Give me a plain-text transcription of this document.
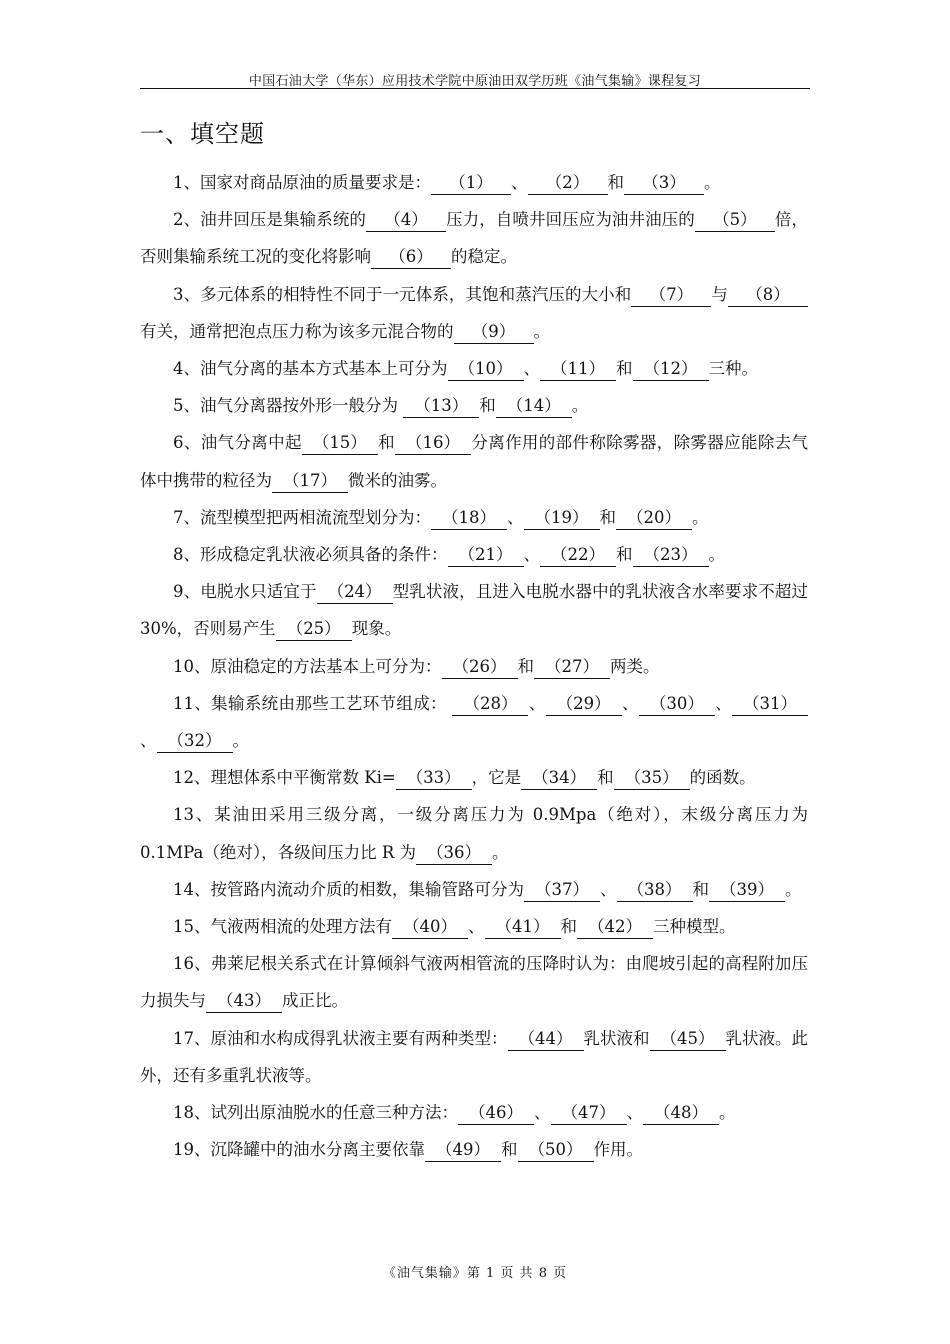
中国石油大学（华东）应用技术学院中原油田双学历班《油气集输》课程复习
一、填空题

1、国家对商品原油的质量要求是： （1） 、 （2） 和 （3） 。

2、油井回压是集输系统的 （4） 压力，自喷井回压应为油井油压的 （5） 倍，否则集输系统工况的变化将影响 （6） 的稳定。

3、多元体系的相特性不同于一元体系，其饱和蒸汽压的大小和 （7） 与 （8）有关，通常把泡点压力称为该多元混合物的 （9） 。

4、油气分离的基本方式基本上可分为 （10） 、 （11） 和 （12） 三种。

5、油气分离器按外形一般分为 （13） 和 （14） 。

6、油气分离中起 （15） 和 （16） 分离作用的部件称除雾器，除雾器应能除去气体中携带的粒径为 （17） 微米的油雾。

7、流型模型把两相流流型划分为： （18） 、 （19） 和 （20） 。

8、形成稳定乳状液必须具备的条件： （21） 、 （22） 和 （23） 。

9、电脱水只适宜于 （24） 型乳状液，且进入电脱水器中的乳状液含水率要求不超过30%，否则易产生 （25） 现象。

10、原油稳定的方法基本上可分为： （26） 和 （27） 两类。

11、集输系统由那些工艺环节组成： （28） 、 （29） 、 （30） 、 （31）、 （32） 。

12、理想体系中平衡常数 Ki= （33） ，它是 （34） 和 （35） 的函数。

13、某油田采用三级分离，一级分离压力为 0.9Mpa（绝对），末级分离压力为 0.1MPa（绝对），各级间压力比 R 为 （36） 。

14、按管路内流动介质的相数，集输管路可分为 （37） 、 （38） 和 （39） 。

15、气液两相流的处理方法有 （40） 、 （41） 和 （42） 三种模型。

16、弗莱尼根关系式在计算倾斜气液两相管流的压降时认为：由爬坡引起的高程附加压力损失与 （43） 成正比。

17、原油和水构成得乳状液主要有两种类型： （44） 乳状液和 （45） 乳状液。此外，还有多重乳状液等。

18、试列出原油脱水的任意三种方法： （46） 、 （47） 、 （48） 。

19、沉降罐中的油水分离主要依靠 （49） 和 （50） 作用。

《油气集输》第 1 页 共 8 页
